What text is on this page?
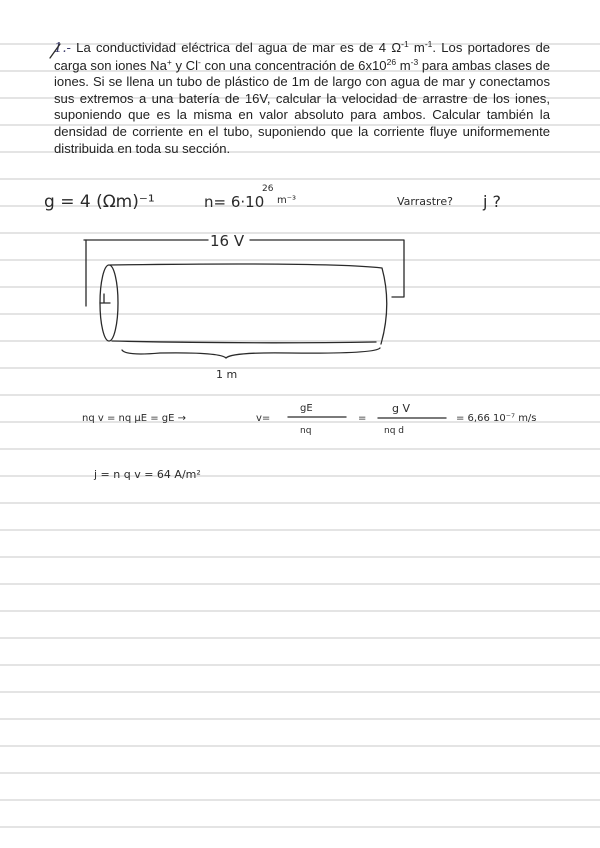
1.- La conductividad eléctrica del agua de mar es de 4 $\Omega^{-1}$ $m^{-1}$. Los portadores de carga son iones Na+ y Cl- con una concentración de $6x10^{26}$ $m^{-3}$ para ambas clases de iones. Si se llena un tubo de plástico de 1m de largo con agua de mar y conectamos sus extremos a una batería de 16V, calcular la velocidad de arrastre de los iones, suponiendo que es la misma en valor absoluto para ambos. Calcular también la densidad de corriente en el tubo, suponiendo que la corriente fluye uniformemente distribuida en toda su sección.
g = 4 (Ωm)⁻¹	n= 6·10
26
m⁻³	Varrastre? j ?
16 V
1 m
nq v = nq μE = gE →	v=
gE
nq
=
g V
nq d
= 6,66 10⁻⁷ m/s
j = n q v = 64 A/m²
